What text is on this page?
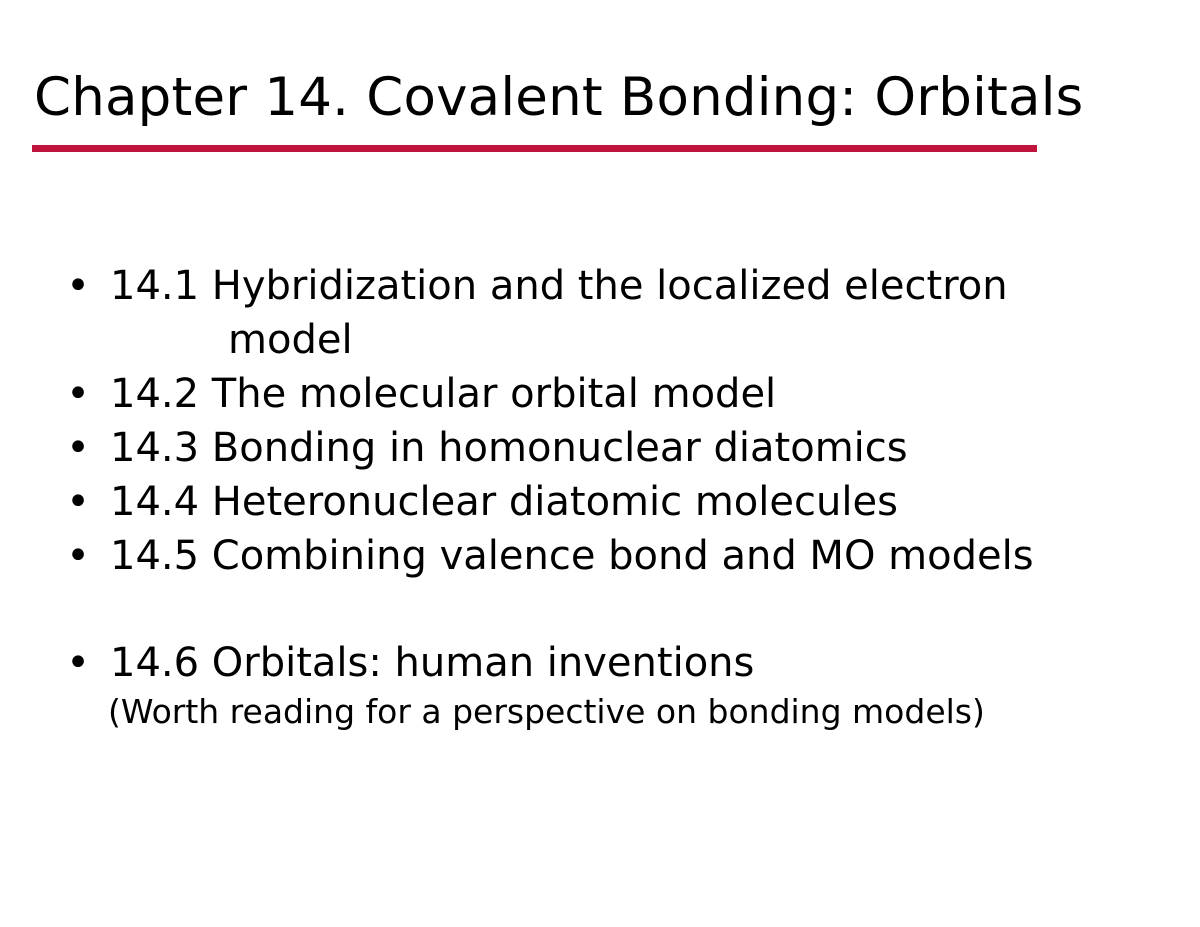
Chapter 14. Covalent Bonding: Orbitals
• 14.1 Hybridization and the localized electron
model
• 14.2 The molecular orbital model
• 14.3 Bonding in homonuclear diatomics
• 14.4 Heteronuclear diatomic molecules
• 14.5 Combining valence bond and MO models
• 14.6 Orbitals: human inventions
(Worth reading for a perspective on bonding models)
